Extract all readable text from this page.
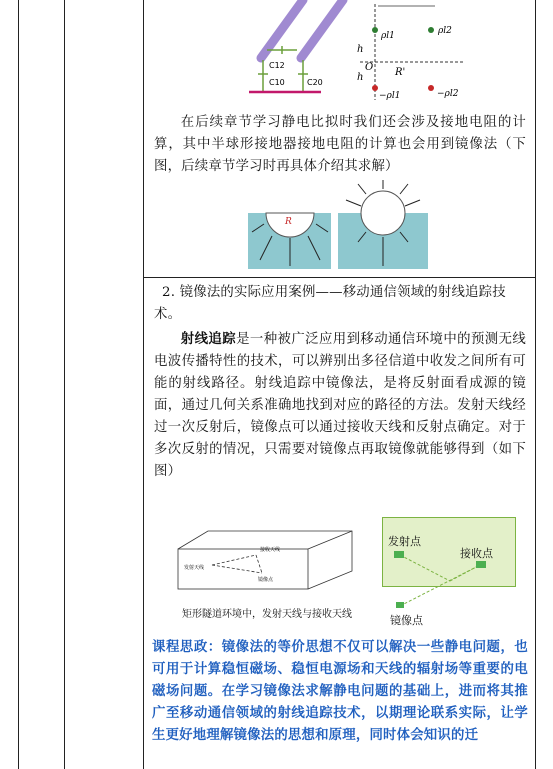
C12
C10	C20
ρl1	ρl2
h
h
O R'
−ρl1	−ρl2
在后续章节学习静电比拟时我们还会涉及接地电阻的计算，其中半球形接地器接地电阻的计算也会用到镜像法（下图，后续章节学习时再具体介绍其求解）
R
2. 镜像法的实际应用案例——移动通信领域的射线追踪技
术。
射线追踪是一种被广泛应用到移动通信环境中的预测无线电波传播特性的技术，可以辨别出多径信道中收发之间所有可能的射线路径。射线追踪中镜像法，是将反射面看成源的镜面，通过几何关系准确地找到对应的路径的方法。发射天线经过一次反射后，镜像点可以通过接收天线和反射点确定。对于多次反射的情况，只需要对镜像点再取镜像就能够得到（如下图）
发射天线
接收天线
镜像点
矩形隧道环境中，发射天线与接收天线
发射点
接收点
镜像点
课程思政：镜像法的等价思想不仅可以解决一些静电问题，也可用于计算稳恒磁场、稳恒电源场和天线的辐射场等重要的电磁场问题。在学习镜像法求解静电问题的基础上，进而将其推广至移动通信领域的射线追踪技术，以期理论联系实际，让学生更好地理解镜像法的思想和原理，同时体会知识的迁
